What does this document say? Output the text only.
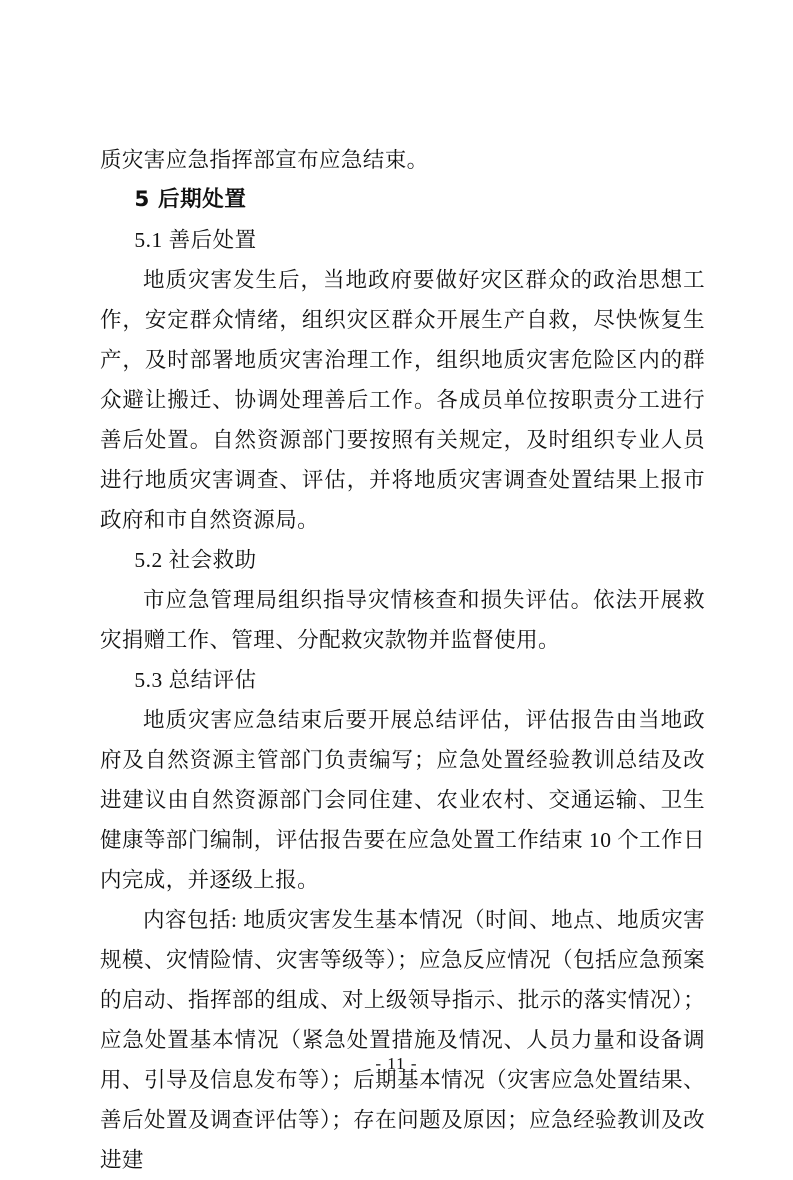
质灾害应急指挥部宣布应急结束。

5 后期处置

5.1 善后处置

地质灾害发生后，当地政府要做好灾区群众的政治思想工作，安定群众情绪，组织灾区群众开展生产自救，尽快恢复生产，及时部署地质灾害治理工作，组织地质灾害危险区内的群众避让搬迁、协调处理善后工作。各成员单位按职责分工进行善后处置。自然资源部门要按照有关规定，及时组织专业人员进行地质灾害调查、评估，并将地质灾害调查处置结果上报市政府和市自然资源局。

5.2 社会救助

市应急管理局组织指导灾情核查和损失评估。依法开展救灾捐赠工作、管理、分配救灾款物并监督使用。

5.3 总结评估

地质灾害应急结束后要开展总结评估，评估报告由当地政府及自然资源主管部门负责编写；应急处置经验教训总结及改进建议由自然资源部门会同住建、农业农村、交通运输、卫生健康等部门编制，评估报告要在应急处置工作结束 10 个工作日内完成，并逐级上报。

内容包括: 地质灾害发生基本情况（时间、地点、地质灾害规模、灾情险情、灾害等级等）；应急反应情况（包括应急预案的启动、指挥部的组成、对上级领导指示、批示的落实情况）；应急处置基本情况（紧急处置措施及情况、人员力量和设备调用、引导及信息发布等）；后期基本情况（灾害应急处置结果、善后处置及调查评估等）；存在问题及原因；应急经验教训及改进建

- 11 -
